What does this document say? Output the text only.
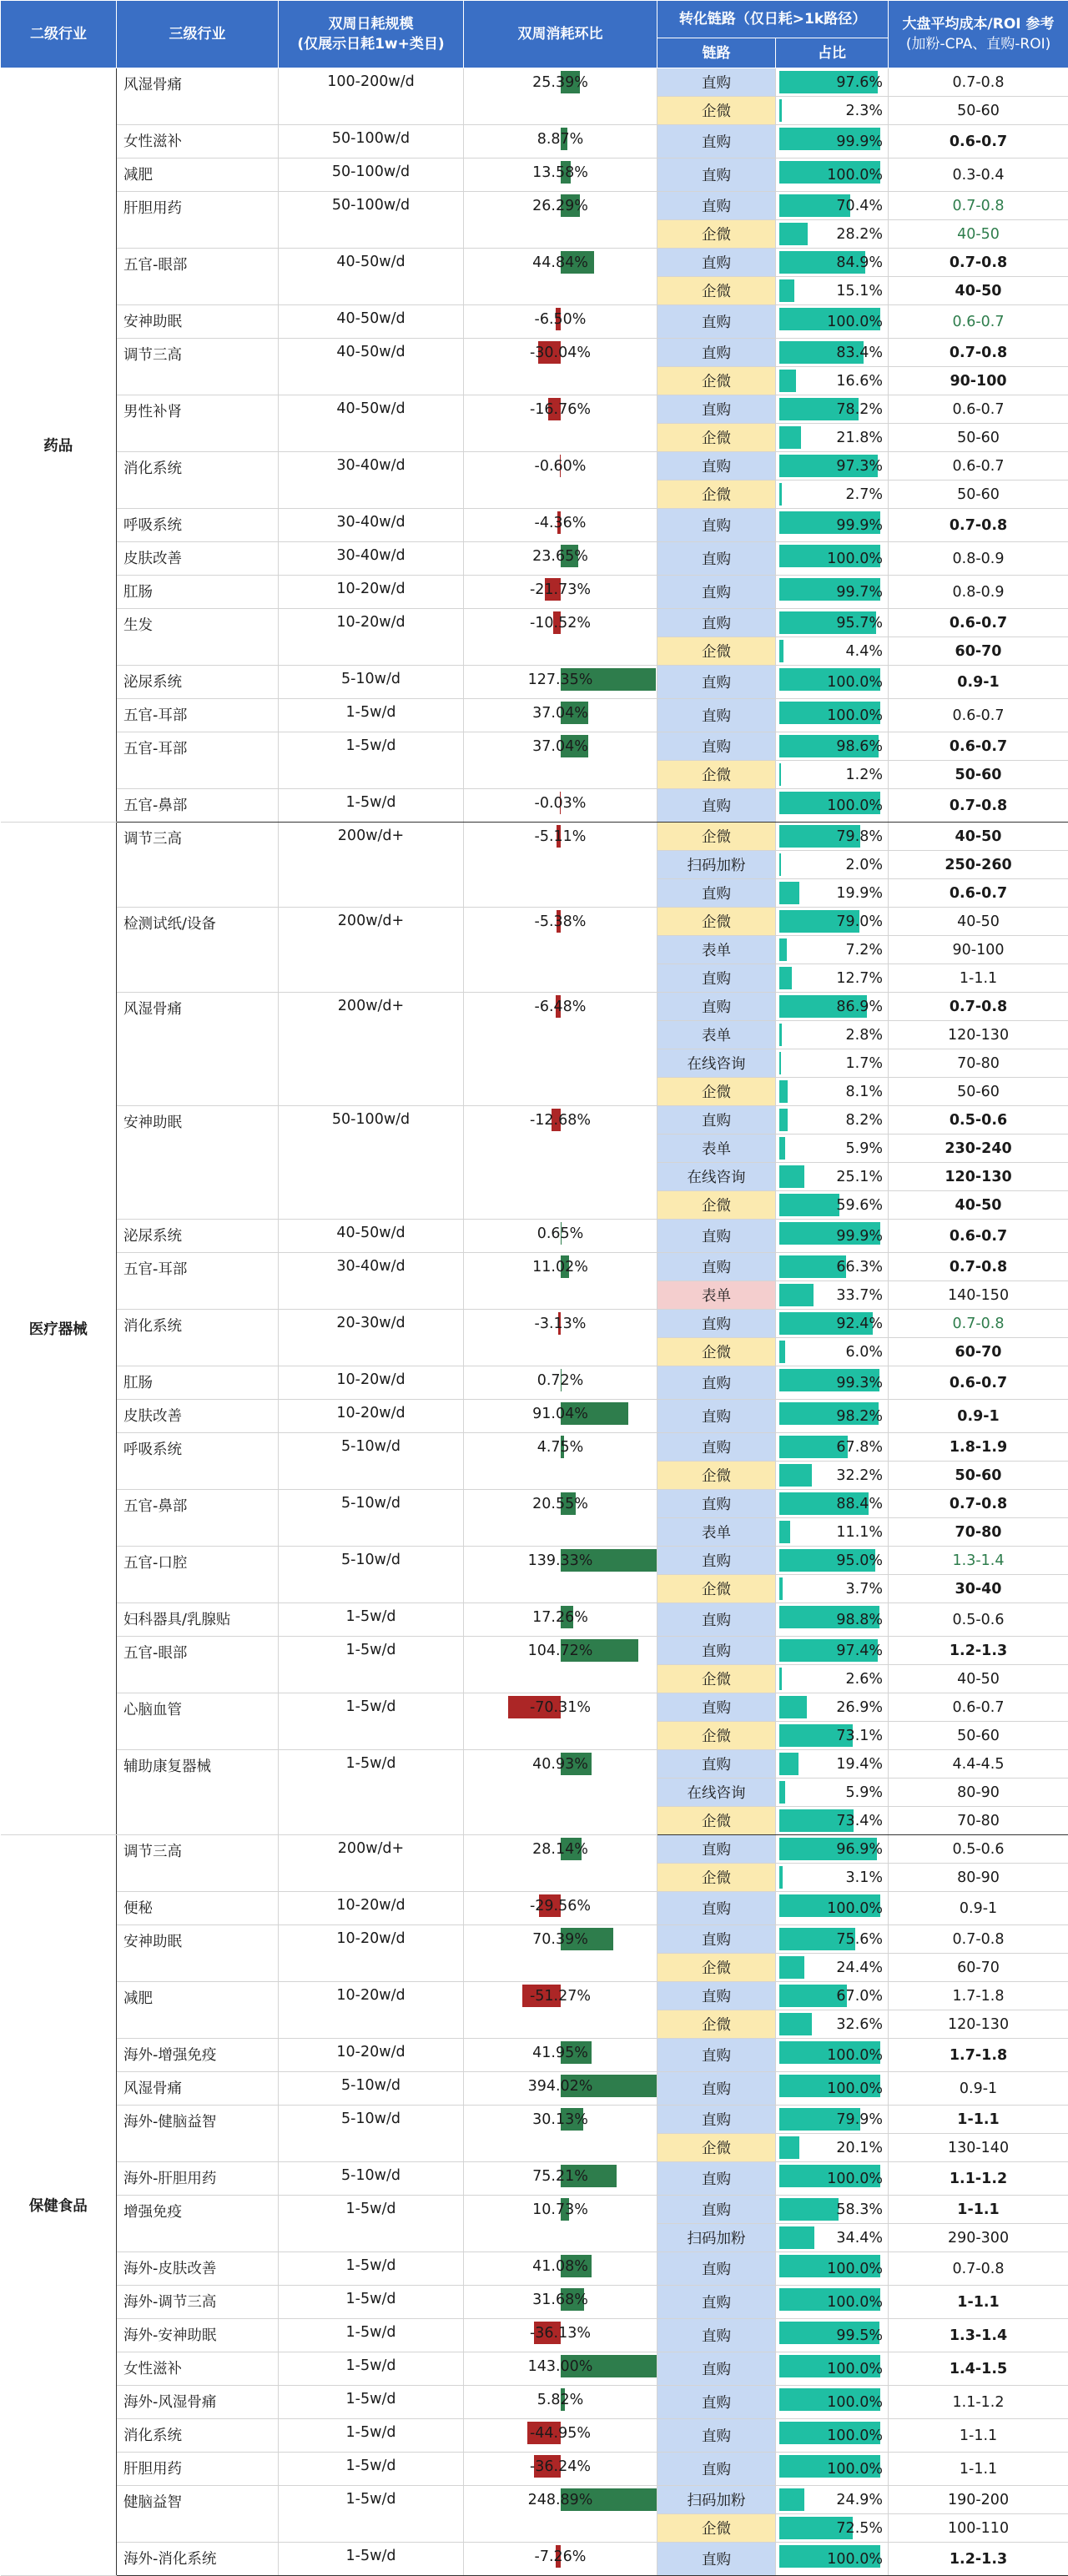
二级行业	三级行业	双周日耗规模
(仅展示日耗1w+类目)	双周消耗环比	转化链路（仅日耗>1k路径）		大盘平均成本/ROI 参考
(加粉-CPA、直购-ROI)
				链路	占比	
药品	风湿骨痛	100-200w/d	25.39%	直购	97.6%	0.7-0.8
				企微	2.3%	50-60
	女性滋补	50-100w/d	8.87%	直购	99.9%	0.6-0.7
	减肥	50-100w/d	13.58%	直购	100.0%	0.3-0.4
	肝胆用药	50-100w/d	26.29%	直购	70.4%	0.7-0.8
				企微	28.2%	40-50
	五官-眼部	40-50w/d	44.84%	直购	84.9%	0.7-0.8
				企微	15.1%	40-50
	安神助眠	40-50w/d	-6.50%	直购	100.0%	0.6-0.7
	调节三高	40-50w/d	-30.04%	直购	83.4%	0.7-0.8
				企微	16.6%	90-100
	男性补肾	40-50w/d	-16.76%	直购	78.2%	0.6-0.7
				企微	21.8%	50-60
	消化系统	30-40w/d	-0.60%	直购	97.3%	0.6-0.7
				企微	2.7%	50-60
	呼吸系统	30-40w/d	-4.36%	直购	99.9%	0.7-0.8
	皮肤改善	30-40w/d	23.65%	直购	100.0%	0.8-0.9
	肛肠	10-20w/d	-21.73%	直购	99.7%	0.8-0.9
	生发	10-20w/d	-10.52%	直购	95.7%	0.6-0.7
				企微	4.4%	60-70
	泌尿系统	5-10w/d	127.35%	直购	100.0%	0.9-1
	五官-耳部	1-5w/d	37.04%	直购	100.0%	0.6-0.7
	五官-耳部	1-5w/d	37.04%	直购	98.6%	0.6-0.7
				企微	1.2%	50-60
	五官-鼻部	1-5w/d	-0.03%	直购	100.0%	0.7-0.8
医疗器械	调节三高	200w/d+	-5.11%	企微	79.8%	40-50
				扫码加粉	2.0%	250-260
				直购	19.9%	0.6-0.7
	检测试纸/设备	200w/d+	-5.38%	企微	79.0%	40-50
				表单	7.2%	90-100
				直购	12.7%	1-1.1
	风湿骨痛	200w/d+	-6.48%	直购	86.9%	0.7-0.8
				表单	2.8%	120-130
				在线咨询	1.7%	70-80
				企微	8.1%	50-60
	安神助眠	50-100w/d	-12.68%	直购	8.2%	0.5-0.6
				表单	5.9%	230-240
				在线咨询	25.1%	120-130
				企微	59.6%	40-50
	泌尿系统	40-50w/d	0.65%	直购	99.9%	0.6-0.7
	五官-耳部	30-40w/d	11.02%	直购	66.3%	0.7-0.8
				表单	33.7%	140-150
	消化系统	20-30w/d	-3.13%	直购	92.4%	0.7-0.8
				企微	6.0%	60-70
	肛肠	10-20w/d	0.72%	直购	99.3%	0.6-0.7
	皮肤改善	10-20w/d	91.04%	直购	98.2%	0.9-1
	呼吸系统	5-10w/d	4.75%	直购	67.8%	1.8-1.9
				企微	32.2%	50-60
	五官-鼻部	5-10w/d	20.55%	直购	88.4%	0.7-0.8
				表单	11.1%	70-80
	五官-口腔	5-10w/d	139.33%	直购	95.0%	1.3-1.4
				企微	3.7%	30-40
	妇科器具/乳腺贴	1-5w/d	17.26%	直购	98.8%	0.5-0.6
	五官-眼部	1-5w/d	104.72%	直购	97.4%	1.2-1.3
				企微	2.6%	40-50
	心脑血管	1-5w/d	-70.31%	直购	26.9%	0.6-0.7
				企微	73.1%	50-60
	辅助康复器械	1-5w/d	40.93%	直购	19.4%	4.4-4.5
				在线咨询	5.9%	80-90
				企微	73.4%	70-80
保健食品	调节三高	200w/d+	28.14%	直购	96.9%	0.5-0.6
				企微	3.1%	80-90
	便秘	10-20w/d	-29.56%	直购	100.0%	0.9-1
	安神助眠	10-20w/d	70.39%	直购	75.6%	0.7-0.8
				企微	24.4%	60-70
	减肥	10-20w/d	-51.27%	直购	67.0%	1.7-1.8
				企微	32.6%	120-130
	海外-增强免疫	10-20w/d	41.95%	直购	100.0%	1.7-1.8
	风湿骨痛	5-10w/d	394.02%	直购	100.0%	0.9-1
	海外-健脑益智	5-10w/d	30.13%	直购	79.9%	1-1.1
				企微	20.1%	130-140
	海外-肝胆用药	5-10w/d	75.21%	直购	100.0%	1.1-1.2
	增强免疫	1-5w/d	10.73%	直购	58.3%	1-1.1
				扫码加粉	34.4%	290-300
	海外-皮肤改善	1-5w/d	41.08%	直购	100.0%	0.7-0.8
	海外-调节三高	1-5w/d	31.68%	直购	100.0%	1-1.1
	海外-安神助眠	1-5w/d	-36.13%	直购	99.5%	1.3-1.4
	女性滋补	1-5w/d	143.00%	直购	100.0%	1.4-1.5
	海外-风湿骨痛	1-5w/d	5.82%	直购	100.0%	1.1-1.2
	消化系统	1-5w/d	-44.95%	直购	100.0%	1-1.1
	肝胆用药	1-5w/d	-36.24%	直购	100.0%	1-1.1
	健脑益智	1-5w/d	248.89%	扫码加粉	24.9%	190-200
				企微	72.5%	100-110
	海外-消化系统	1-5w/d	-7.26%	直购	100.0%	1.2-1.3
